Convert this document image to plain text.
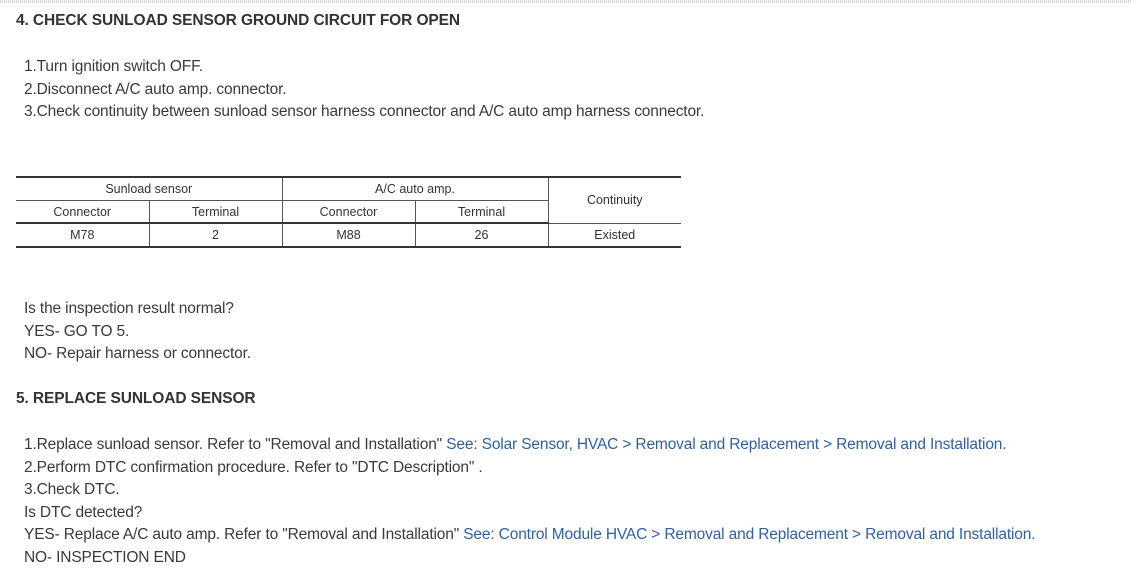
4. CHECK SUNLOAD SENSOR GROUND CIRCUIT FOR OPEN
1.Turn ignition switch OFF.
2.Disconnect A/C auto amp. connector.
3.Check continuity between sunload sensor harness connector and A/C auto amp harness connector.
Sunload sensor		A/C auto amp.		Continuity
Connector	Terminal	Connector	Terminal	
M78	2	M88	26	Existed
Is the inspection result normal?
YES- GO TO 5.
NO- Repair harness or connector.
5. REPLACE SUNLOAD SENSOR
1.Replace sunload sensor. Refer to "Removal and Installation" See: Solar Sensor, HVAC > Removal and Replacement > Removal and Installation.
2.Perform DTC confirmation procedure. Refer to "DTC Description" .
3.Check DTC.
Is DTC detected?
YES- Replace A/C auto amp. Refer to "Removal and Installation" See: Control Module HVAC > Removal and Replacement > Removal and Installation.
NO- INSPECTION END
